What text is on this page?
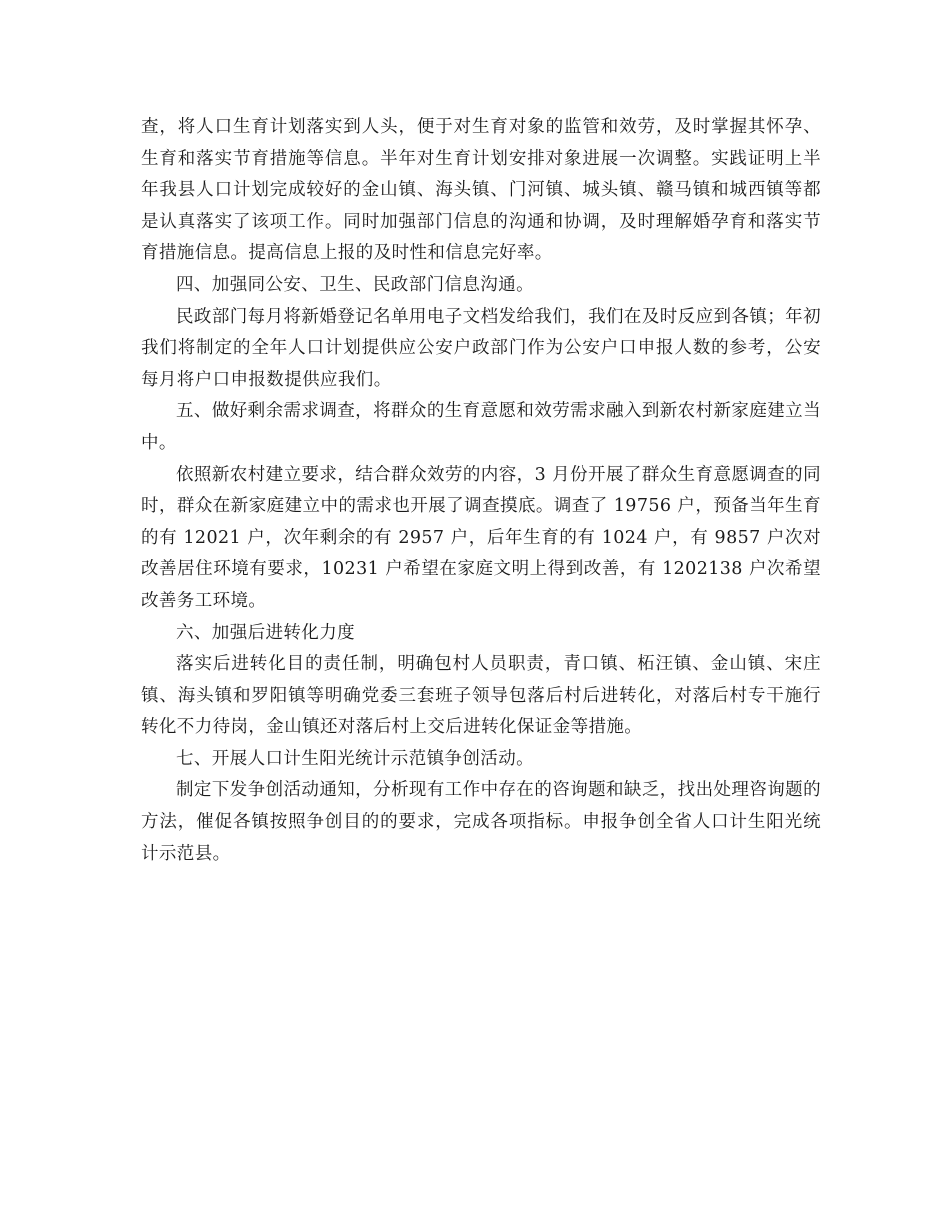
查，将人口生育计划落实到人头，便于对生育对象的监管和效劳，及时掌握其怀孕、生育和落实节育措施等信息。半年对生育计划安排对象进展一次调整。实践证明上半年我县人口计划完成较好的金山镇、海头镇、门河镇、城头镇、赣马镇和城西镇等都是认真落实了该项工作。同时加强部门信息的沟通和协调，及时理解婚孕育和落实节育措施信息。提高信息上报的及时性和信息完好率。

四、加强同公安、卫生、民政部门信息沟通。

民政部门每月将新婚登记名单用电子文档发给我们，我们在及时反应到各镇；年初我们将制定的全年人口计划提供应公安户政部门作为公安户口申报人数的参考，公安每月将户口申报数提供应我们。

五、做好剩余需求调查，将群众的生育意愿和效劳需求融入到新农村新家庭建立当中。

依照新农村建立要求，结合群众效劳的内容，3 月份开展了群众生育意愿调查的同时，群众在新家庭建立中的需求也开展了调查摸底。调查了 19756 户，预备当年生育的有 12021 户，次年剩余的有 2957 户，后年生育的有 1024 户，有 9857 户次对改善居住环境有要求，10231 户希望在家庭文明上得到改善，有 1202138 户次希望改善务工环境。

六、加强后进转化力度

落实后进转化目的责任制，明确包村人员职责，青口镇、柘汪镇、金山镇、宋庄镇、海头镇和罗阳镇等明确党委三套班子领导包落后村后进转化，对落后村专干施行转化不力待岗，金山镇还对落后村上交后进转化保证金等措施。

七、开展人口计生阳光统计示范镇争创活动。

制定下发争创活动通知，分析现有工作中存在的咨询题和缺乏，找出处理咨询题的方法，催促各镇按照争创目的的要求，完成各项指标。申报争创全省人口计生阳光统计示范县。
